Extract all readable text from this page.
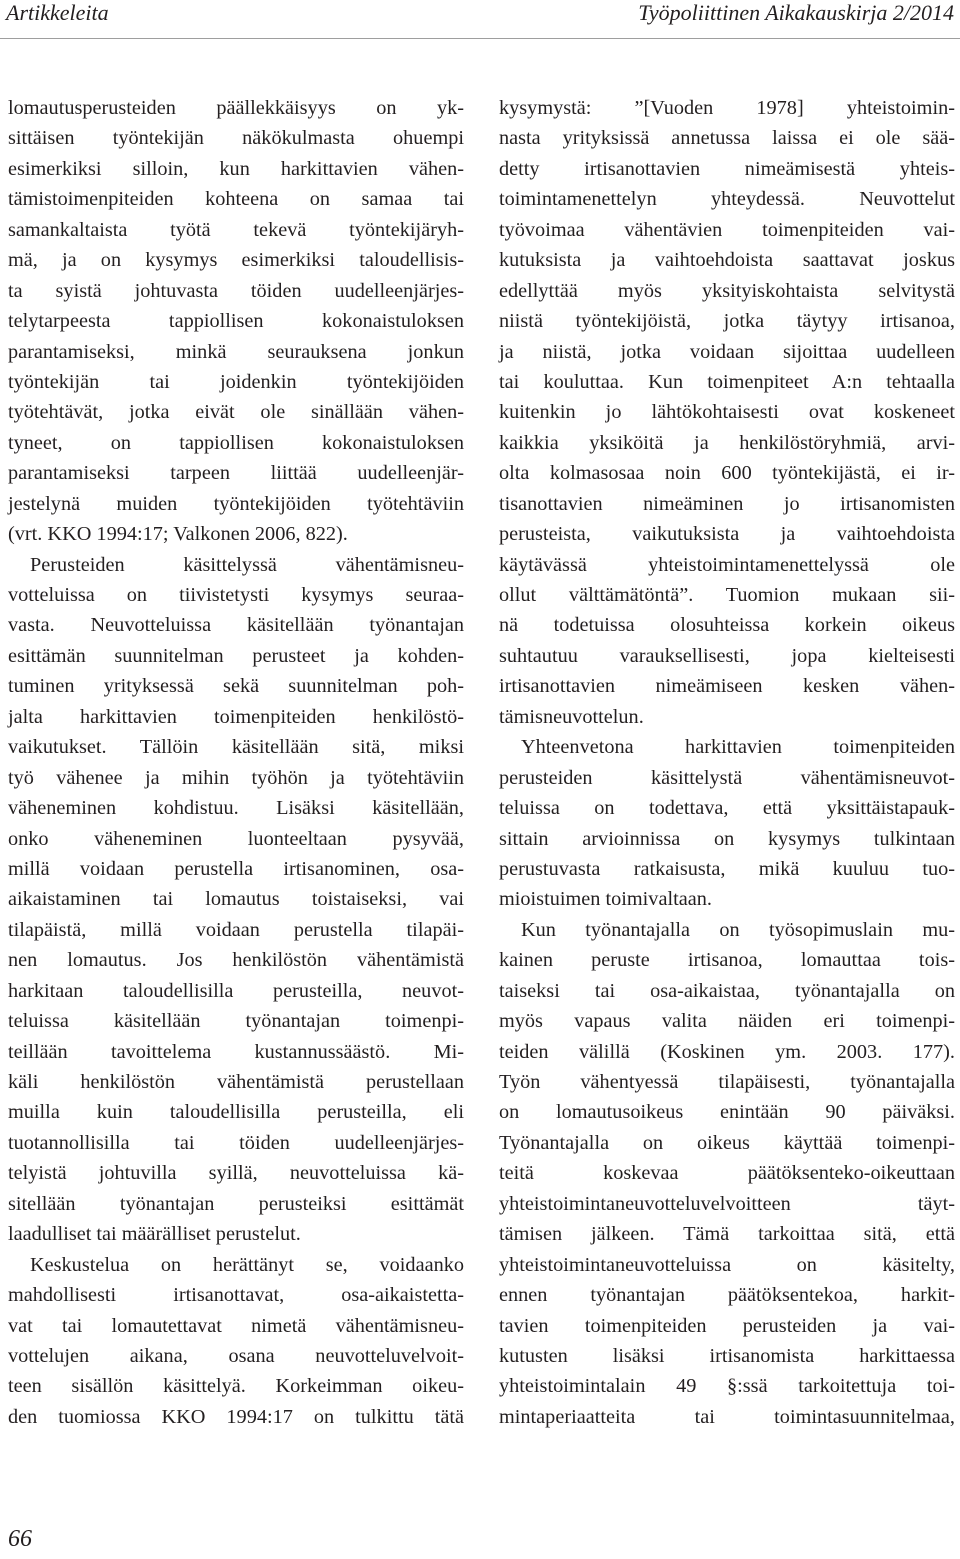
Artikkeleita	Työpoliittinen Aikakauskirja 2/2014
lomautusperusteiden päällekkäisyys on yk-
sittäisen työntekijän näkökulmasta ohuempi
esimerkiksi silloin, kun harkittavien vähen-
tämistoimenpiteiden kohteena on samaa tai
samankaltaista työtä tekevä työntekijäryh-
mä, ja on kysymys esimerkiksi taloudellisis-
ta syistä johtuvasta töiden uudelleenjärjes-
telytarpeesta tappiollisen kokonaistuloksen
parantamiseksi, minkä seurauksena jonkun
työntekijän tai joidenkin työntekijöiden
työtehtävät, jotka eivät ole sinällään vähen-
tyneet, on tappiollisen kokonaistuloksen
parantamiseksi tarpeen liittää uudelleenjär-
jestelynä muiden työntekijöiden työtehtäviin
(vrt. KKO 1994:17; Valkonen 2006, 822).
Perusteiden käsittelyssä vähentämisneu-
votteluissa on tiivistetysti kysymys seuraa-
vasta. Neuvotteluissa käsitellään työnantajan
esittämän suunnitelman perusteet ja kohden-
tuminen yrityksessä sekä suunnitelman poh-
jalta harkittavien toimenpiteiden henkilöstö-
vaikutukset. Tällöin käsitellään sitä, miksi
työ vähenee ja mihin työhön ja työtehtäviin
väheneminen kohdistuu. Lisäksi käsitellään,
onko väheneminen luonteeltaan pysyvää,
millä voidaan perustella irtisanominen, osa-
aikaistaminen tai lomautus toistaiseksi, vai
tilapäistä, millä voidaan perustella tilapäi-
nen lomautus. Jos henkilöstön vähentämistä
harkitaan taloudellisilla perusteilla, neuvot-
teluissa käsitellään työnantajan toimenpi-
teillään tavoittelema kustannussäästö. Mi-
käli henkilöstön vähentämistä perustellaan
muilla kuin taloudellisilla perusteilla, eli
tuotannollisilla tai töiden uudelleenjärjes-
telyistä johtuvilla syillä, neuvotteluissa kä-
sitellään työnantajan perusteiksi esittämät
laadulliset tai määrälliset perustelut.
Keskustelua on herättänyt se, voidaanko
mahdollisesti irtisanottavat, osa-aikaistetta-
vat tai lomautettavat nimetä vähentämisneu-
vottelujen aikana, osana neuvotteluvelvoit-
teen sisällön käsittelyä. Korkeimman oikeu-
den tuomiossa KKO 1994:17 on tulkittu tätä
kysymystä: ”[Vuoden 1978] yhteistoimin-
nasta yrityksissä annetussa laissa ei ole sää-
detty irtisanottavien nimeämisestä yhteis-
toimintamenettelyn yhteydessä. Neuvottelut
työvoimaa vähentävien toimenpiteiden vai-
kutuksista ja vaihtoehdoista saattavat joskus
edellyttää myös yksityiskohtaista selvitystä
niistä työntekijöistä, jotka täytyy irtisanoa,
ja niistä, jotka voidaan sijoittaa uudelleen
tai kouluttaa. Kun toimenpiteet A:n tehtaalla
kuitenkin jo lähtökohtaisesti ovat koskeneet
kaikkia yksiköitä ja henkilöstöryhmiä, arvi-
olta kolmasosaa noin 600 työntekijästä, ei ir-
tisanottavien nimeäminen jo irtisanomisten
perusteista, vaikutuksista ja vaihtoehdoista
käytävässä yhteistoimintamenettelyssä ole
ollut välttämätöntä”. Tuomion mukaan sii-
nä todetuissa olosuhteissa korkein oikeus
suhtautuu varauksellisesti, jopa kielteisesti
irtisanottavien nimeämiseen kesken vähen-
tämisneuvottelun.
Yhteenvetona harkittavien toimenpiteiden
perusteiden käsittelystä vähentämisneuvot-
teluissa on todettava, että yksittäistapauk-
sittain arvioinnissa on kysymys tulkintaan
perustuvasta ratkaisusta, mikä kuuluu tuo-
mioistuimen toimivaltaan.
Kun työnantajalla on työsopimuslain mu-
kainen peruste irtisanoa, lomauttaa tois-
taiseksi tai osa-aikaistaa, työnantajalla on
myös vapaus valita näiden eri toimenpi-
teiden välillä (Koskinen ym. 2003. 177).
Työn vähentyessä tilapäisesti, työnantajalla
on lomautusoikeus enintään 90 päiväksi.
Työnantajalla on oikeus käyttää toimenpi-
teitä koskevaa päätöksenteko-oikeuttaan
yhteistoimintaneuvotteluvelvoitteen täyt-
tämisen jälkeen. Tämä tarkoittaa sitä, että
yhteistoimintaneuvotteluissa on käsitelty,
ennen työnantajan päätöksentekoa, harkit-
tavien toimenpiteiden perusteiden ja vai-
kutusten lisäksi irtisanomista harkittaessa
yhteistoimintalain 49 §:ssä tarkoitettuja toi-
mintaperiaatteita tai toimintasuunnitelmaa,
66
